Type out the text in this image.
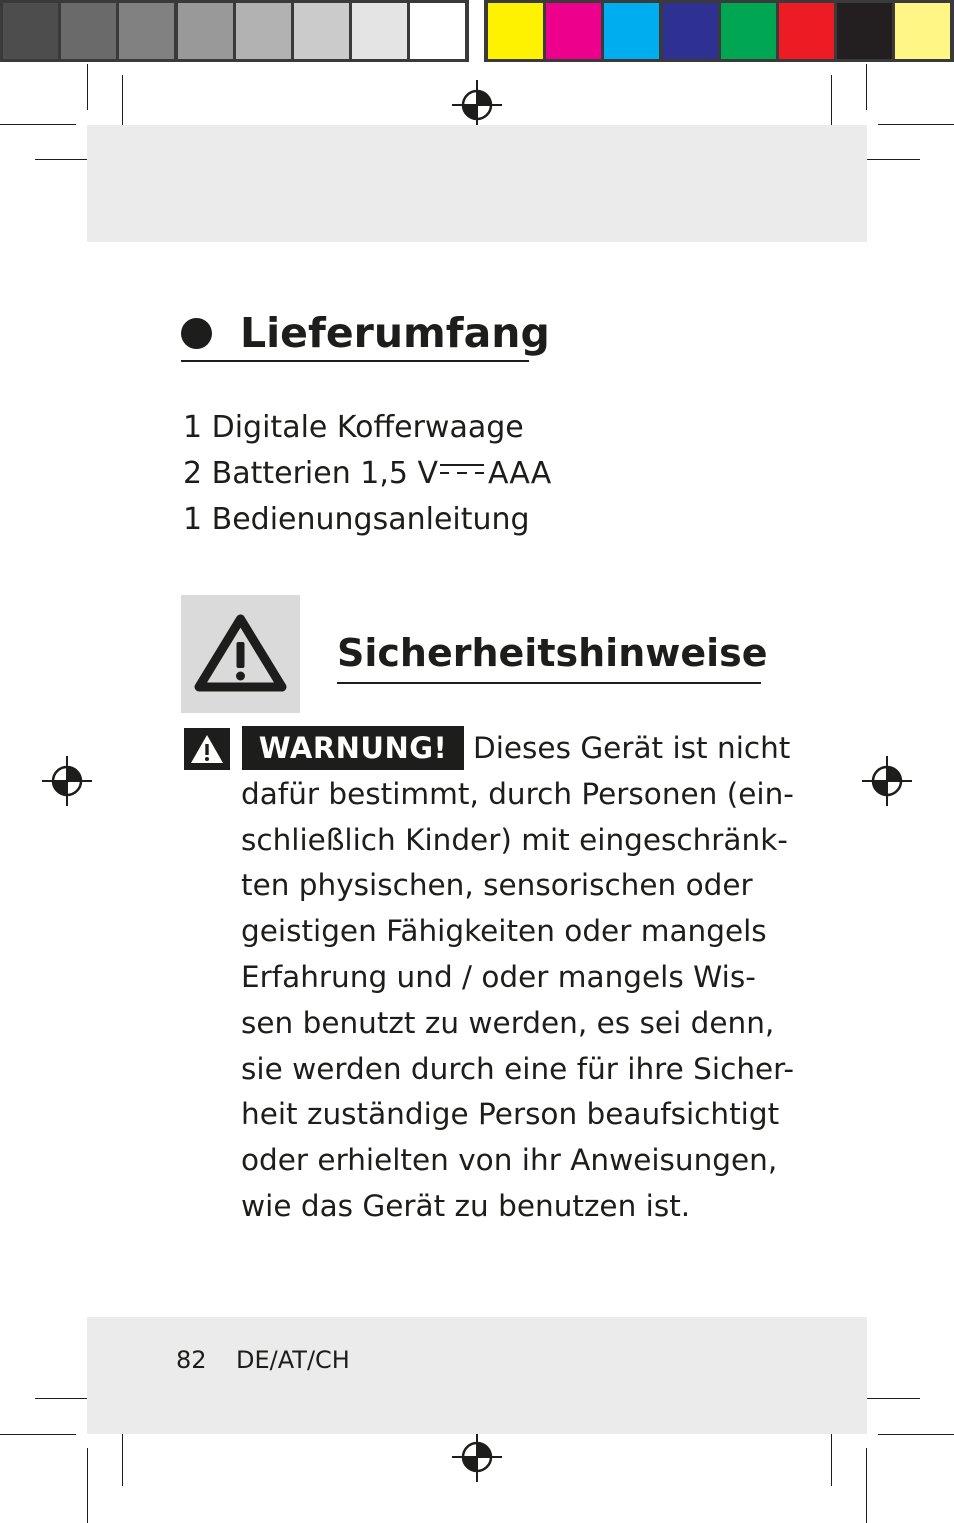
Lieferumfang
1 Digitale Kofferwaage
2 Batterien 1,5 V AAA
1 Bedienungsanleitung
Sicherheitshinweise
WARNUNG! Dieses Gerät ist nicht
dafür bestimmt, durch Personen (ein-
schließlich Kinder) mit eingeschränk-
ten physischen, sensorischen oder
geistigen Fähigkeiten oder mangels
Erfahrung und / oder mangels Wis-
sen benutzt zu werden, es sei denn,
sie werden durch eine für ihre Sicher-
heit zuständige Person beaufsichtigt
oder erhielten von ihr Anweisungen,
wie das Gerät zu benutzen ist.
82 DE/AT/CH
